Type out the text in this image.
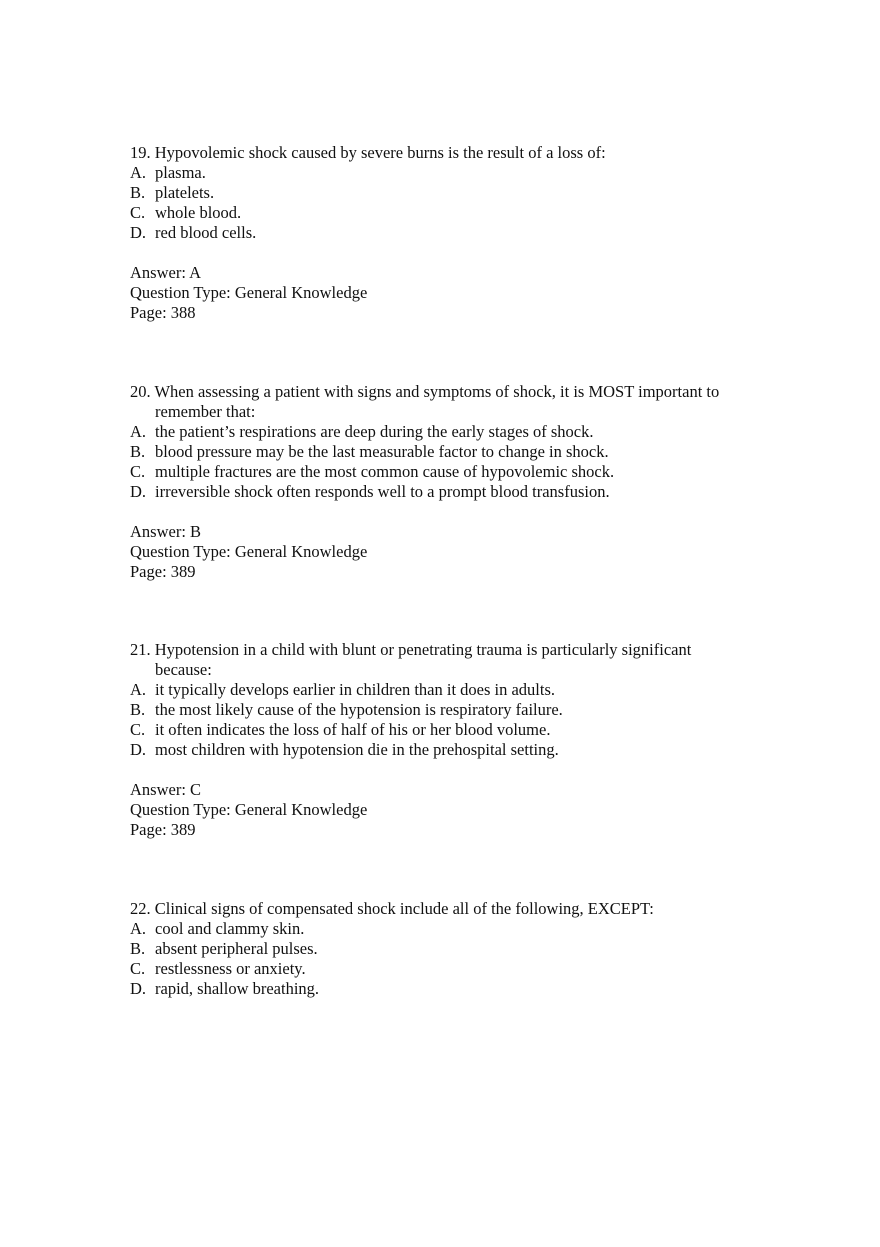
19. Hypovolemic shock caused by severe burns is the result of a loss of:
A. plasma.
B. platelets.
C. whole blood.
D. red blood cells.
Answer: A
Question Type: General Knowledge
Page: 388
20. When assessing a patient with signs and symptoms of shock, it is MOST important to
remember that:
A. the patient’s respirations are deep during the early stages of shock.
B. blood pressure may be the last measurable factor to change in shock.
C. multiple fractures are the most common cause of hypovolemic shock.
D. irreversible shock often responds well to a prompt blood transfusion.
Answer: B
Question Type: General Knowledge
Page: 389
21. Hypotension in a child with blunt or penetrating trauma is particularly significant
because:
A. it typically develops earlier in children than it does in adults.
B. the most likely cause of the hypotension is respiratory failure.
C. it often indicates the loss of half of his or her blood volume.
D. most children with hypotension die in the prehospital setting.
Answer: C
Question Type: General Knowledge
Page: 389
22. Clinical signs of compensated shock include all of the following, EXCEPT:
A. cool and clammy skin.
B. absent peripheral pulses.
C. restlessness or anxiety.
D. rapid, shallow breathing.
